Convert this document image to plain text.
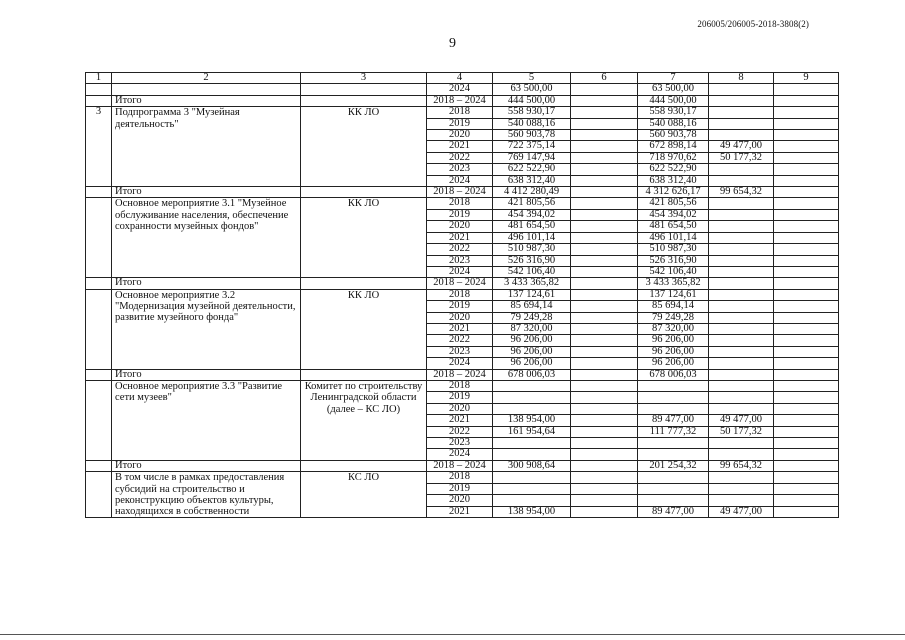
206005/206005-2018-3808(2)
9
1	2	3	4	5	6	7	8	9
			2024	63 500,00		63 500,00		
	Итого		2018 – 2024	444 500,00		444 500,00		
3	Подпрограмма 3 "Музейная деятельность"	КК ЛО	2018	558 930,17		558 930,17		
			2019	540 088,16		540 088,16		
			2020	560 903,78		560 903,78		
			2021	722 375,14		672 898,14	49 477,00	
			2022	769 147,94		718 970,62	50 177,32	
			2023	622 522,90		622 522,90		
			2024	638 312,40		638 312,40		
	Итого		2018 – 2024	4 412 280,49		4 312 626,17	99 654,32	
	Основное мероприятие 3.1 "Музейное обслуживание населения, обеспечение сохранности музейных фондов"	КК ЛО	2018	421 805,56		421 805,56		
			2019	454 394,02		454 394,02		
			2020	481 654,50		481 654,50		
			2021	496 101,14		496 101,14		
			2022	510 987,30		510 987,30		
			2023	526 316,90		526 316,90		
			2024	542 106,40		542 106,40		
	Итого		2018 – 2024	3 433 365,82		3 433 365,82		
	Основное мероприятие 3.2 "Модернизация музейной деятельности, развитие музейного фонда"	КК ЛО	2018	137 124,61		137 124,61		
			2019	85 694,14		85 694,14		
			2020	79 249,28		79 249,28		
			2021	87 320,00		87 320,00		
			2022	96 206,00		96 206,00		
			2023	96 206,00		96 206,00		
			2024	96 206,00		96 206,00		
	Итого		2018 – 2024	678 006,03		678 006,03		
	Основное мероприятие 3.3 "Развитие сети музеев"	Комитет по строительству Ленинградской области (далее – КС ЛО)	2018					
			2019					
			2020					
			2021	138 954,00		89 477,00	49 477,00	
			2022	161 954,64		111 777,32	50 177,32	
			2023					
			2024					
	Итого		2018 – 2024	300 908,64		201 254,32	99 654,32	
	В том числе в рамках предоставления субсидий на строительство и реконструкцию объектов культуры, находящихся в собственности	КС ЛО	2018					
			2019					
			2020					
			2021	138 954,00		89 477,00	49 477,00	
